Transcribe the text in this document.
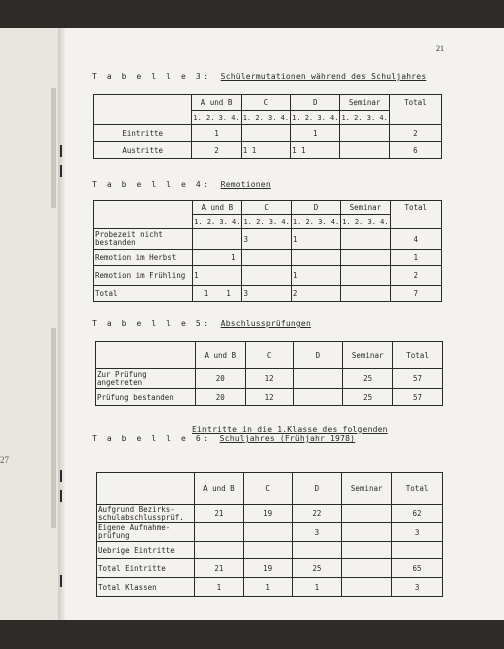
27
21
T a b e l l e 3: Schülermutationen während des Schuljahres
	A und B	C	D	Seminar	Total
	1. 2. 3. 4.	1. 2. 3. 4.	1. 2. 3. 4.	1. 2. 3. 4.	
Eintritte	1		1		2
Austritte	2	1 1	1 1		6
T a b e l l e 4: Remotionen
	A und B	C	D	Seminar	Total
	1. 2. 3. 4.	1. 2. 3. 4.	1. 2. 3. 4.	1. 2. 3. 4.	
Probezeit nicht bestanden		3	1		4
Remotion im Herbst	1				1
Remotion im Frühling	1		1		2
Total	1    1	3	2		7
T a b e l l e 5: Abschlussprüfungen
	A und B	C	D	Seminar	Total
Zur Prüfung angetreten	20	12		25	57
Prüfung bestanden	20	12		25	57
Eintritte in die 1.Klasse des folgenden

T a b e l l e 6: Schuljahres (Frühjahr 1978)
	A und B	C	D	Seminar	Total
Aufgrund Bezirks-schulabschlussprüf.	21	19	22		62
Eigene Aufnahme-prüfung			3		3
Uebrige Eintritte					
Total Eintritte	21	19	25		65
Total Klassen	1	1	1		3
